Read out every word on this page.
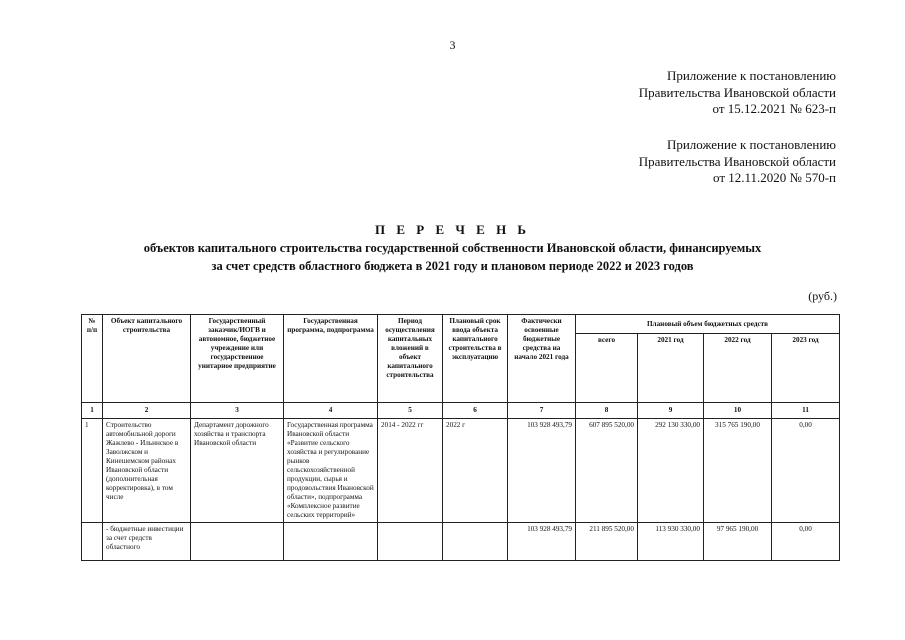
3
Приложение к постановлению
Правительства Ивановской области
от 15.12.2021 № 623-п
Приложение к постановлению
Правительства Ивановской области
от 12.11.2020 № 570-п
П Е Р Е Ч Е Н Ь
объектов капитального строительства государственной собственности Ивановской области, финансируемых
за счет средств областного бюджета в 2021 году и плановом периоде 2022 и 2023 годов
(руб.)
№ п/п	Объект капитального строительства	Государственный заказчик/ИОГВ и автономное, бюджетное учреждение или государственное унитарное предприятие	Государственная программа, подпрограмма	Период осуществления капитальных вложений в объект капитального строительства	Плановый срок ввода объекта капитального строительства в эксплуатацию	Фактически освоенные бюджетные средства на начало 2021 года	Плановый объем бюджетных средств			
							всего	2021 год	2022 год	2023 год
1	2	3	4	5	6	7	8	9	10	11
1	Строительство автомобильной дороги Жажлево - Ильинское в Заволжском и Кинешемском районах Ивановской области (дополнительная корректировка), в том числе	Департамент дорожного хозяйства и транспорта Ивановской области	Государственная программа Ивановской области «Развитие сельского хозяйства и регулирование рынков сельскохозяйственной продукции, сырья и продовольствия Ивановской области», подпрограмма «Комплексное развитие сельских территорий»	2014 - 2022 гг	2022 г	103 928 493,79	607 895 520,00	292 130 330,00	315 765 190,00	0,00
	- бюджетные инвестиции за счет средств областного					103 928 493,79	211 895 520,00	113 930 330,00	97 965 190,00	0,00
